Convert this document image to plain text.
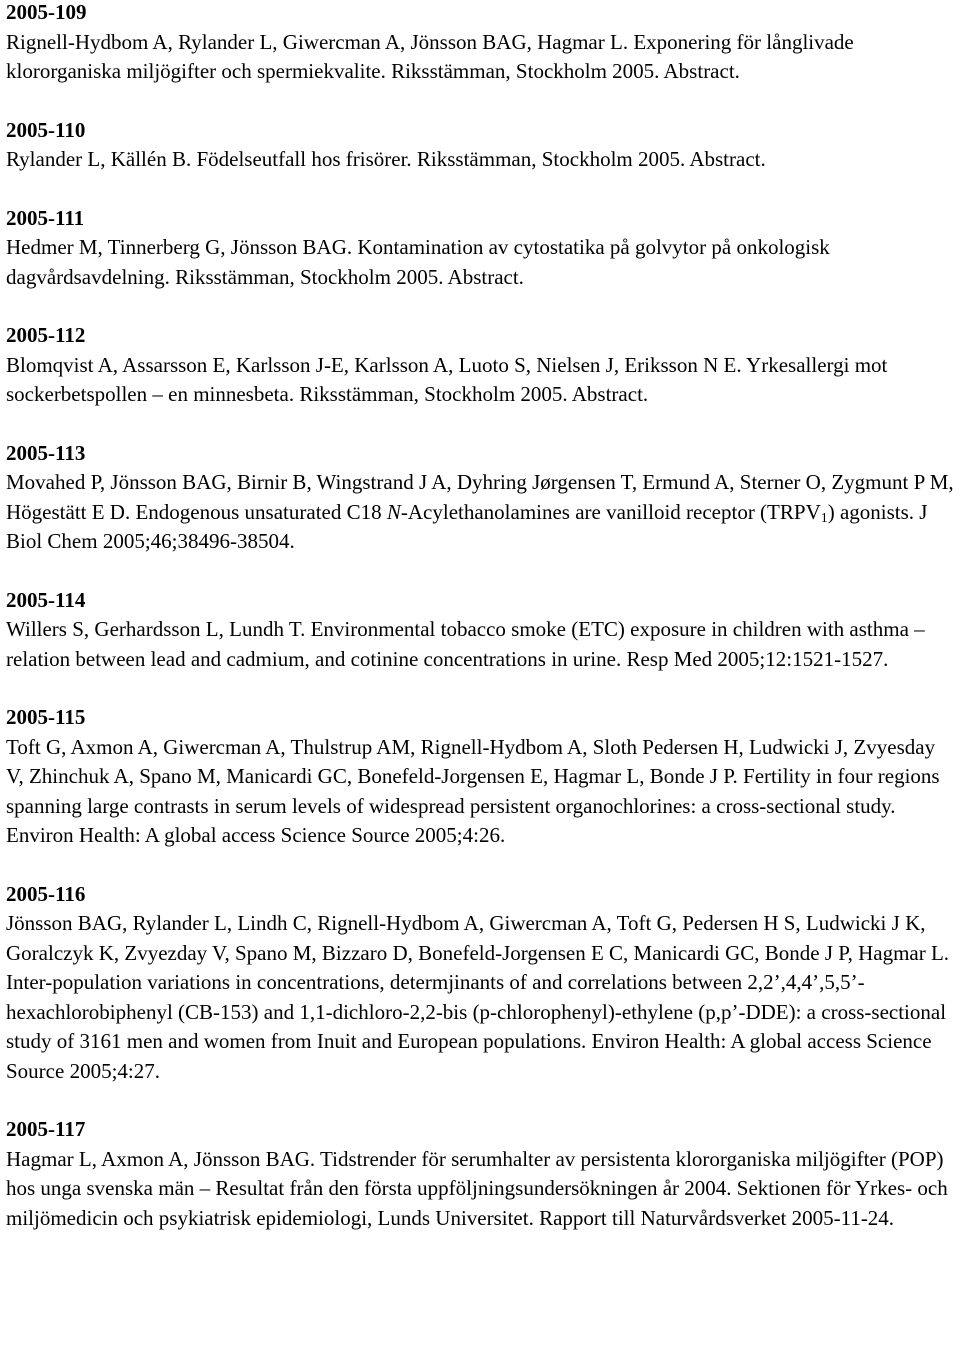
2005-109
Rignell-Hydbom A, Rylander L, Giwercman A, Jönsson BAG, Hagmar L. Exponering för långlivade klororganiska miljögifter och spermiekvalite. Riksstämman, Stockholm 2005. Abstract.
2005-110
Rylander L, Källén B. Födelseutfall hos frisörer. Riksstämman, Stockholm 2005. Abstract.
2005-111
Hedmer M, Tinnerberg G, Jönsson BAG. Kontamination av cytostatika på golvytor på onkologisk dagvårdsavdelning. Riksstämman, Stockholm 2005. Abstract.
2005-112
Blomqvist A, Assarsson E, Karlsson J-E, Karlsson A, Luoto S, Nielsen J, Eriksson N E. Yrkesallergi mot sockerbetspollen – en minnesbeta. Riksstämman, Stockholm 2005. Abstract.
2005-113
Movahed P, Jönsson BAG, Birnir B, Wingstrand J A, Dyhring Jørgensen T, Ermund A, Sterner O, Zygmunt P M, Högestätt E D. Endogenous unsaturated C18 N-Acylethanolamines are vanilloid receptor $(TRPV_1)$ agonists. J Biol Chem 2005;46;38496-38504.
2005-114
Willers S, Gerhardsson L, Lundh T. Environmental tobacco smoke (ETC) exposure in children with asthma – relation between lead and cadmium, and cotinine concentrations in urine. Resp Med 2005;12:1521-1527.
2005-115
Toft G, Axmon A, Giwercman A, Thulstrup AM, Rignell-Hydbom A, Sloth Pedersen H, Ludwicki J, Zvyesday V, Zhinchuk A, Spano M, Manicardi GC, Bonefeld-Jorgensen E, Hagmar L, Bonde J P. Fertility in four regions spanning large contrasts in serum levels of widespread persistent organochlorines: a cross-sectional study. Environ Health: A global access Science Source 2005;4:26.
2005-116
Jönsson BAG, Rylander L, Lindh C, Rignell-Hydbom A, Giwercman A, Toft G, Pedersen H S, Ludwicki J K, Goralczyk K, Zvyezday V, Spano M, Bizzaro D, Bonefeld-Jorgensen E C, Manicardi GC, Bonde J P, Hagmar L. Inter-population variations in concentrations, determjinants of and correlations between 2,2’,4,4’,5,5’-hexachlorobiphenyl (CB-153) and 1,1-dichloro-2,2-bis (p-chlorophenyl)-ethylene (p,p’-DDE): a cross-sectional study of 3161 men and women from Inuit and European populations. Environ Health: A global access Science Source 2005;4:27.
2005-117
Hagmar L, Axmon A, Jönsson BAG. Tidstrender för serumhalter av persistenta klororganiska miljögifter (POP) hos unga svenska män – Resultat från den första uppföljningsundersökningen år 2004. Sektionen för Yrkes- och miljömedicin och psykiatrisk epidemiologi, Lunds Universitet. Rapport till Naturvårdsverket 2005-11-24.
